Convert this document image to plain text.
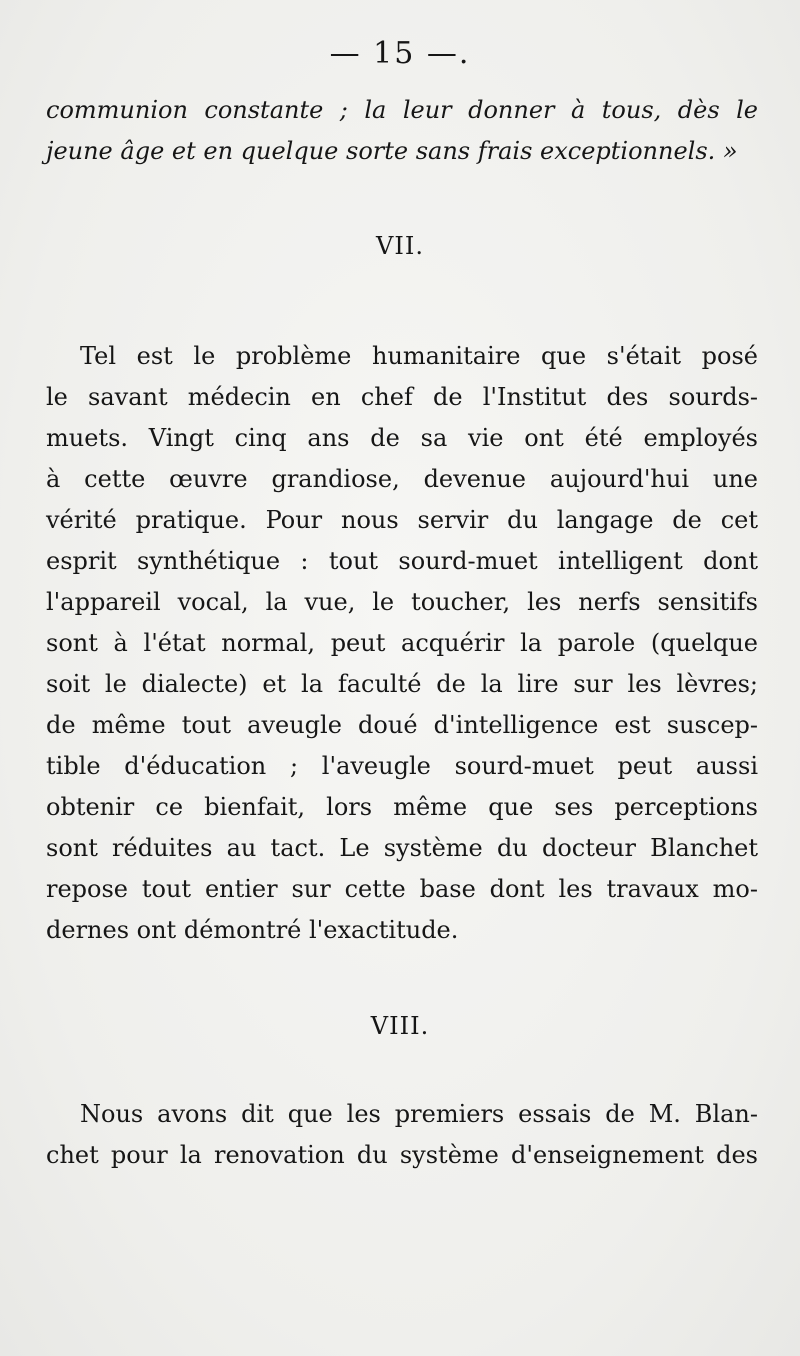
— 15 —.
communion constante ; la leur donner à tous, dès le
jeune âge et en quelque sorte sans frais exceptionnels. »
VII.
Tel est le problème humanitaire que s'était posé
le savant médecin en chef de l'Institut des sourds-
muets. Vingt cinq ans de sa vie ont été employés
à cette œuvre grandiose, devenue aujourd'hui une
vérité pratique. Pour nous servir du langage de cet
esprit synthétique : tout sourd-muet intelligent dont
l'appareil vocal, la vue, le toucher, les nerfs sensitifs
sont à l'état normal, peut acquérir la parole (quelque
soit le dialecte) et la faculté de la lire sur les lèvres;
de même tout aveugle doué d'intelligence est suscep-
tible d'éducation ; l'aveugle sourd-muet peut aussi
obtenir ce bienfait, lors même que ses perceptions
sont réduites au tact. Le système du docteur Blanchet
repose tout entier sur cette base dont les travaux mo-
dernes ont démontré l'exactitude.
VIII.
Nous avons dit que les premiers essais de M. Blan-
chet pour la renovation du système d'enseignement des
